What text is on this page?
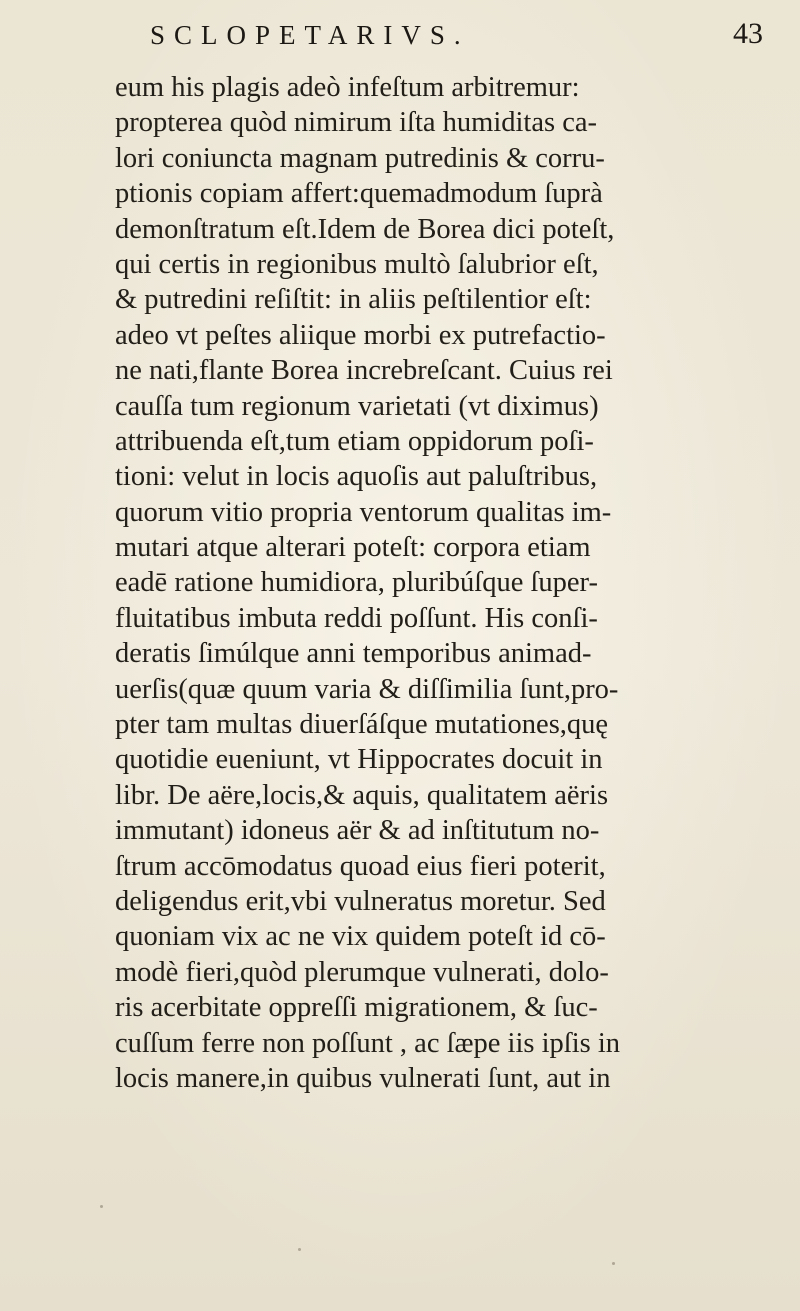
SCLOPETARIVS.	43
eum his plagis adeò infeſtum arbitremur:
propterea quòd nimirum iſta humiditas ca-
lori coniuncta magnam putredinis & corru-
ptionis copiam affert:quemadmodum ſuprà
demonſtratum eſt.Idem de Borea dici poteſt,
qui certis in regionibus multò ſalubrior eſt,
& putredini reſiſtit: in aliis peſtilentior eſt:
adeo vt peſtes aliique morbi ex putrefactio-
ne nati,flante Borea increbreſcant. Cuius rei
cauſſa tum regionum varietati (vt diximus)
attribuenda eſt,tum etiam oppidorum poſi-
tioni: velut in locis aquoſis aut paluſtribus,
quorum vitio propria ventorum qualitas im-
mutari atque alterari poteſt: corpora etiam
eadē ratione humidiora, pluribúſque ſuper-
fluitatibus imbuta reddi poſſunt. His conſi-
deratis ſimúlque anni temporibus animad-
uerſis(quæ quum varia & diſſimilia ſunt,pro-
pter tam multas diuerſáſque mutationes,quę
quotidie eueniunt, vt Hippocrates docuit in
libr. De aëre,locis,& aquis, qualitatem aëris
immutant) idoneus aër & ad inſtitutum no-
ſtrum accōmodatus quoad eius fieri poterit,
deligendus erit,vbi vulneratus moretur. Sed
quoniam vix ac ne vix quidem poteſt id cō-
modè fieri,quòd plerumque vulnerati, dolo-
ris acerbitate oppreſſi migrationem, & ſuc-
cuſſum ferre non poſſunt , ac ſæpe iis ipſis in
locis manere,in quibus vulnerati ſunt, aut in
